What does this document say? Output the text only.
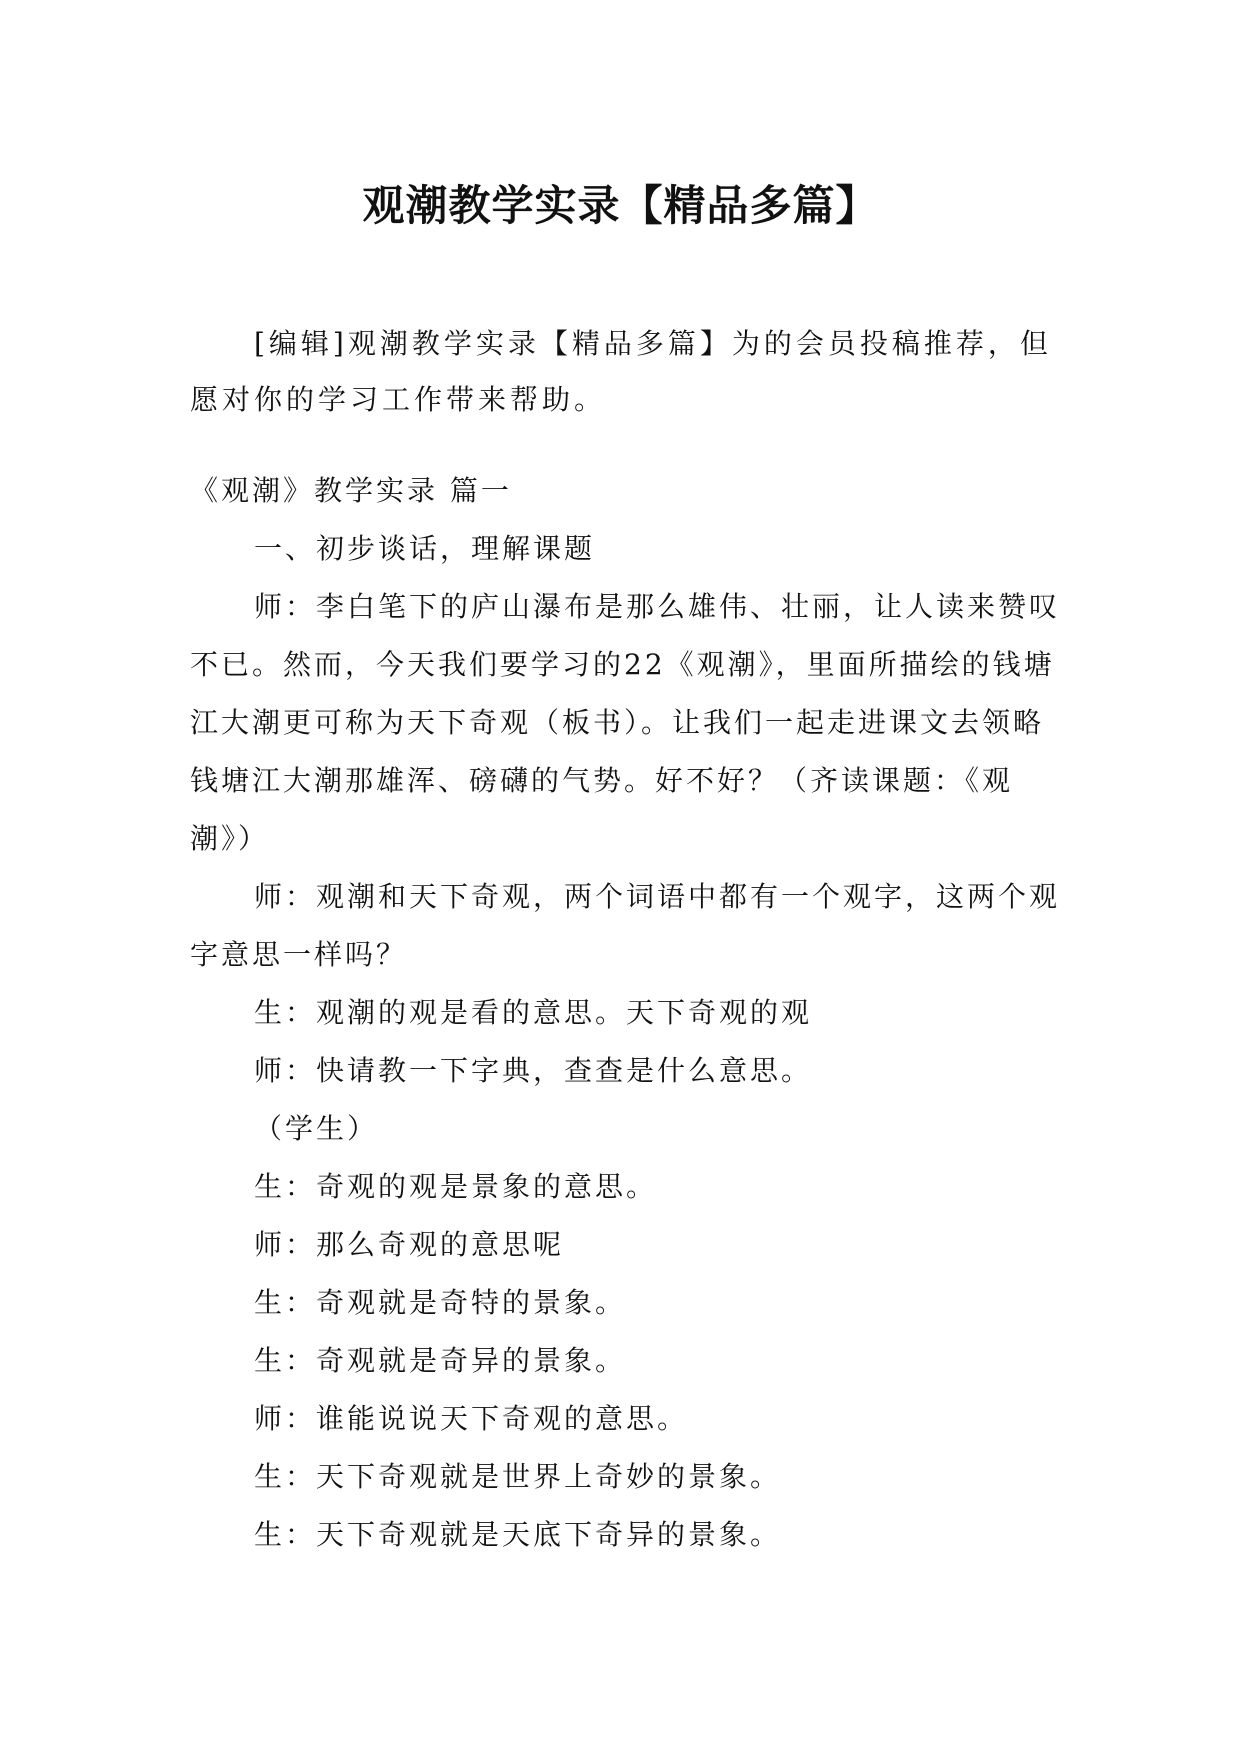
观潮教学实录【精品多篇】

[编辑]观潮教学实录【精品多篇】为的会员投稿推荐，但愿对你的学习工作带来帮助。

《观潮》教学实录 篇一

一、初步谈话，理解课题

师：李白笔下的庐山瀑布是那么雄伟、壮丽，让人读来赞叹不已。然而，今天我们要学习的22《观潮》，里面所描绘的钱塘江大潮更可称为天下奇观（板书）。让我们一起走进课文去领略钱塘江大潮那雄浑、磅礴的气势。好不好？（齐读课题：《观潮》）

师：观潮和天下奇观，两个词语中都有一个观字，这两个观字意思一样吗？

生：观潮的观是看的意思。天下奇观的观

师：快请教一下字典，查查是什么意思。

（学生）

生：奇观的观是景象的意思。

师：那么奇观的意思呢

生：奇观就是奇特的景象。

生：奇观就是奇异的景象。

师：谁能说说天下奇观的意思。

生：天下奇观就是世界上奇妙的景象。

生：天下奇观就是天底下奇异的景象。
